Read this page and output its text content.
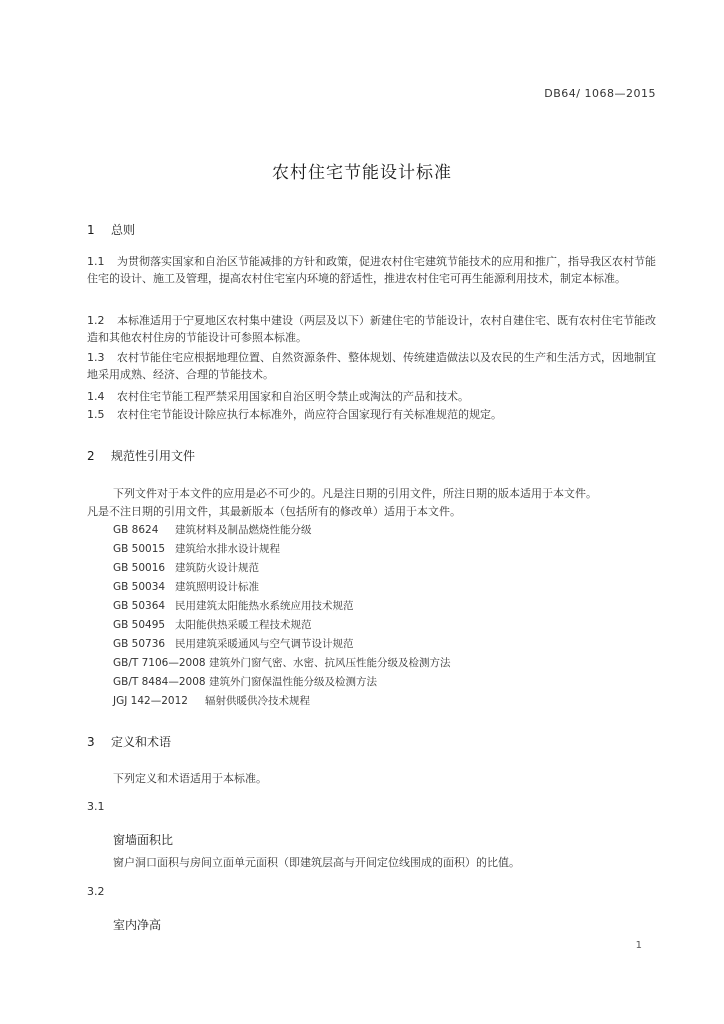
DB64/ 1068—2015
农村住宅节能设计标准
1 总则
1.1 为贯彻落实国家和自治区节能减排的方针和政策，促进农村住宅建筑节能技术的应用和推广，指导我区农村节能住宅的设计、施工及管理，提高农村住宅室内环境的舒适性，推进农村住宅可再生能源利用技术，制定本标准。
1.2 本标准适用于宁夏地区农村集中建设（两层及以下）新建住宅的节能设计，农村自建住宅、既有农村住宅节能改造和其他农村住房的节能设计可参照本标准。
1.3 农村节能住宅应根据地理位置、自然资源条件、整体规划、传统建造做法以及农民的生产和生活方式，因地制宜地采用成熟、经济、合理的节能技术。
1.4 农村住宅节能工程严禁采用国家和自治区明令禁止或淘汰的产品和技术。
1.5 农村住宅节能设计除应执行本标准外，尚应符合国家现行有关标准规范的规定。
2 规范性引用文件
下列文件对于本文件的应用是必不可少的。凡是注日期的引用文件，所注日期的版本适用于本文件。
凡是不注日期的引用文件，其最新版本（包括所有的修改单）适用于本文件。
GB 8624 建筑材料及制品燃烧性能分级
GB 50015 建筑给水排水设计规程
GB 50016 建筑防火设计规范
GB 50034 建筑照明设计标准
GB 50364 民用建筑太阳能热水系统应用技术规范
GB 50495 太阳能供热采暖工程技术规范
GB 50736 民用建筑采暖通风与空气调节设计规范
GB/T 7106—2008 建筑外门窗气密、水密、抗风压性能分级及检测方法
GB/T 8484—2008 建筑外门窗保温性能分级及检测方法
JGJ 142—2012 辐射供暖供冷技术规程
3 定义和术语
下列定义和术语适用于本标准。
3.1
窗墙面积比
窗户洞口面积与房间立面单元面积（即建筑层高与开间定位线围成的面积）的比值。
3.2
室内净高
1
